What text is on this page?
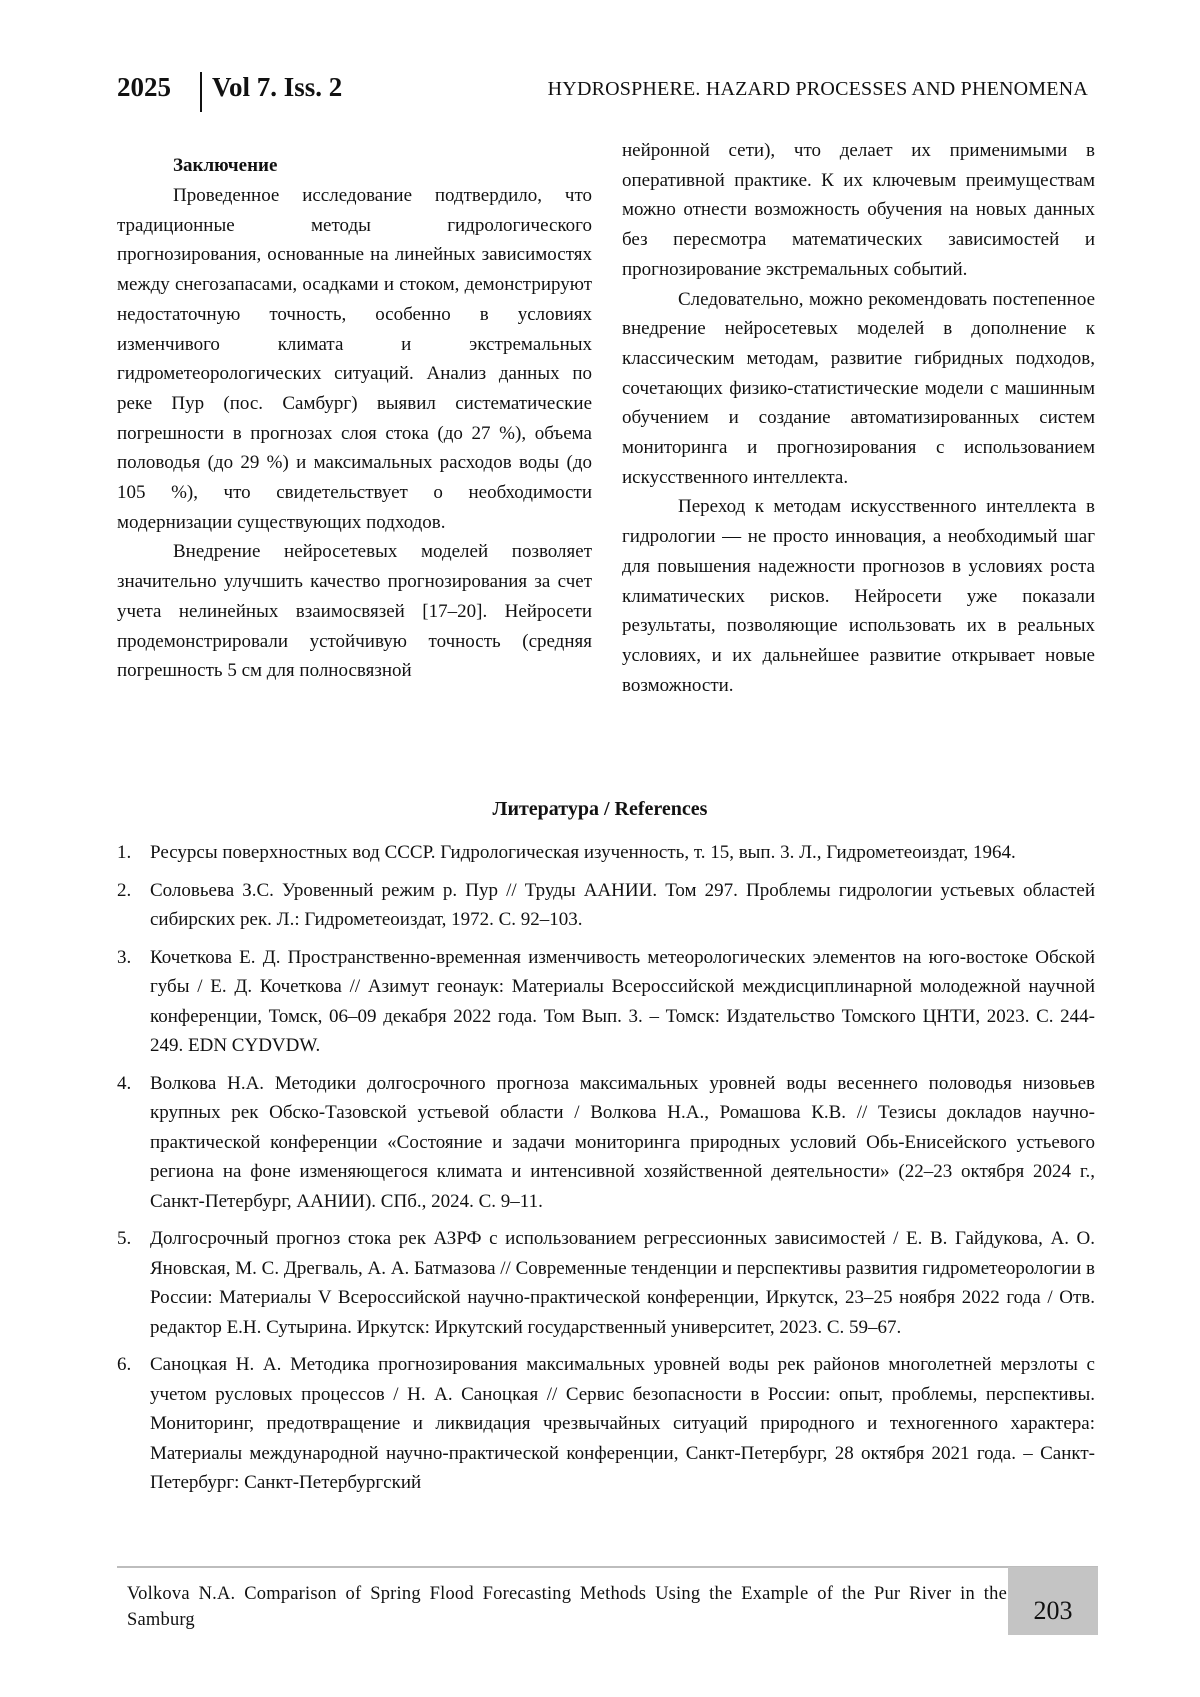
2025 Vol 7. Iss. 2	HYDROSPHERE. HAZARD PROCESSES AND PHENOMENA

Заключение

Проведенное исследование подтвердило, что традиционные методы гидрологического прогнозирования, основанные на линейных зависимостях между снегозапасами, осадками и стоком, демонстрируют недостаточную точность, особенно в условиях изменчивого климата и экстремальных гидрометеорологических ситуаций. Анализ данных по реке Пур (пос. Самбург) выявил систематические погрешности в прогнозах слоя стока (до 27 %), объема половодья (до 29 %) и максимальных расходов воды (до 105 %), что свидетельствует о необходимости модернизации существующих подходов.

Внедрение нейросетевых моделей позволяет значительно улучшить качество прогнозирования за счет учета нелинейных взаимосвязей [17–20]. Нейросети продемонстрировали устойчивую точность (средняя погрешность 5 см для полносвязной

нейронной сети), что делает их применимыми в оперативной практике. К их ключевым преимуществам можно отнести возможность обучения на новых данных без пересмотра математических зависимостей и прогнозирование экстремальных событий.

Следовательно, можно рекомендовать постепенное внедрение нейросетевых моделей в дополнение к классическим методам, развитие гибридных подходов, сочетающих физико-статистические модели с машинным обучением и создание автоматизированных систем мониторинга и прогнозирования с использованием искусственного интеллекта.

Переход к методам искусственного интеллекта в гидрологии — не просто инновация, а необходимый шаг для повышения надежности прогнозов в условиях роста климатических рисков. Нейросети уже показали результаты, позволяющие использовать их в реальных условиях, и их дальнейшее развитие открывает новые возможности.

Литература / References
1. Ресурсы поверхностных вод СССР. Гидрологическая изученность, т. 15, вып. 3. Л., Гидрометеоиздат, 1964.
2. Соловьева З.С. Уровенный режим р. Пур // Труды ААНИИ. Том 297. Проблемы гидрологии устьевых областей сибирских рек. Л.: Гидрометеоиздат, 1972. С. 92–103.
3. Кочеткова Е. Д. Пространственно-временная изменчивость метеорологических элементов на юго-востоке Обской губы / Е. Д. Кочеткова // Азимут геонаук: Материалы Всероссийской междисциплинарной молодежной научной конференции, Томск, 06–09 декабря 2022 года. Том Вып. 3. – Томск: Издательство Томского ЦНТИ, 2023. С. 244-249. EDN CYDVDW.
4. Волкова Н.А. Методики долгосрочного прогноза максимальных уровней воды весеннего половодья низовьев крупных рек Обско-Тазовской устьевой области / Волкова Н.А., Ромашова К.В. // Тезисы докладов научно-практической конференции «Состояние и задачи мониторинга природных условий Обь-Енисейского устьевого региона на фоне изменяющегося климата и интенсивной хозяйственной деятельности» (22–23 октября 2024 г., Санкт-Петербург, ААНИИ). СПб., 2024. С. 9–11.
5. Долгосрочный прогноз стока рек АЗРФ с использованием регрессионных зависимостей / Е. В. Гайдукова, А. О. Яновская, М. С. Дрегваль, А. А. Батмазова // Современные тенденции и перспективы развития гидрометеорологии в России: Материалы V Всероссийской научно-практической конференции, Иркутск, 23–25 ноября 2022 года / Отв. редактор Е.Н. Сутырина. Иркутск: Иркутский государственный университет, 2023. С. 59–67.
6. Саноцкая Н. А. Методика прогнозирования максимальных уровней воды рек районов многолетней мерзлоты с учетом русловых процессов / Н. А. Саноцкая // Сервис безопасности в России: опыт, проблемы, перспективы. Мониторинг, предотвращение и ликвидация чрезвычайных ситуаций природного и техногенного характера: Материалы международной научно-практической конференции, Санкт-Петербург, 28 октября 2021 года. – Санкт-Петербург: Санкт-Петербургский
Volkova N.A. Comparison of Spring Flood Forecasting Methods Using the Example of the Pur River in the Samburg	203
